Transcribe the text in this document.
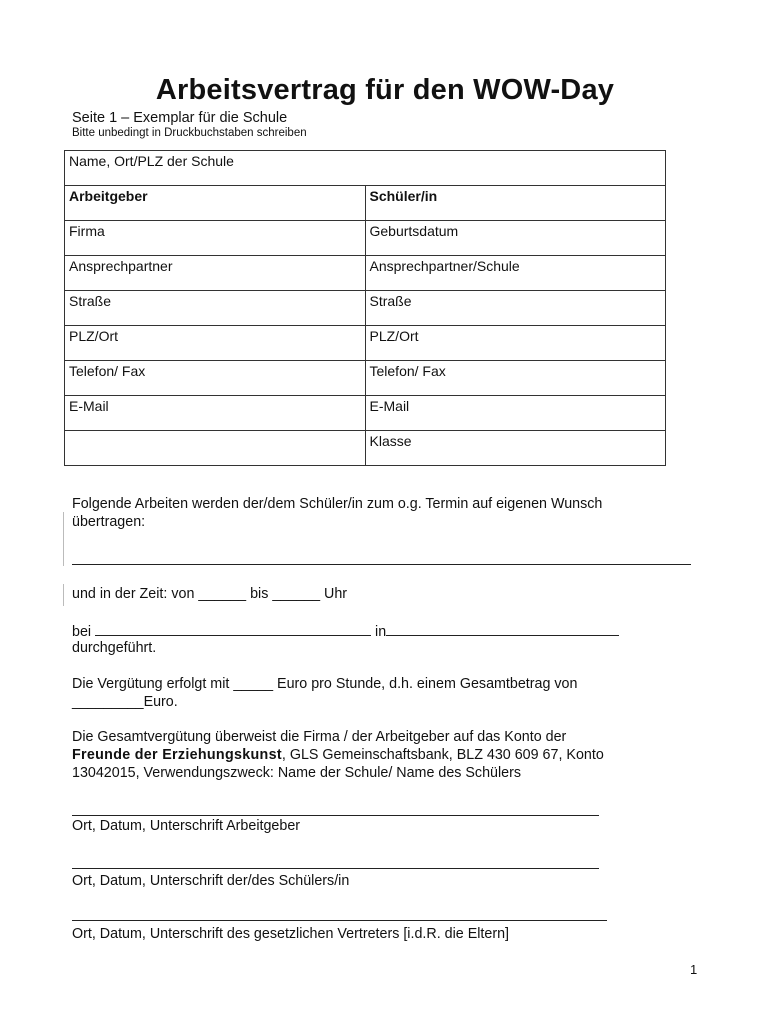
Arbeitsvertrag für den WOW-Day
Seite 1 – Exemplar für die Schule
Bitte unbedingt in Druckbuchstaben schreiben
Name, Ort/PLZ der Schule	
Arbeitgeber	Schüler/in
Firma	Geburtsdatum
Ansprechpartner	Ansprechpartner/Schule
Straße	Straße
PLZ/Ort	PLZ/Ort
Telefon/ Fax	Telefon/ Fax
E-Mail	E-Mail
	Klasse
Folgende Arbeiten werden der/dem Schüler/in zum o.g. Termin auf eigenen Wunsch
übertragen:
und in der Zeit: von ______ bis ______ Uhr
bei	in
durchgeführt.
Die Vergütung erfolgt mit _____ Euro pro Stunde, d.h. einem Gesamtbetrag von
_________Euro.
Die Gesamtvergütung überweist die Firma / der Arbeitgeber auf das Konto der
Freunde der Erziehungskunst, GLS Gemeinschaftsbank, BLZ 430 609 67, Konto
13042015, Verwendungszweck: Name der Schule/ Name des Schülers
Ort, Datum, Unterschrift Arbeitgeber
Ort, Datum, Unterschrift der/des Schülers/in
Ort, Datum, Unterschrift des gesetzlichen Vertreters [i.d.R. die Eltern]
1
